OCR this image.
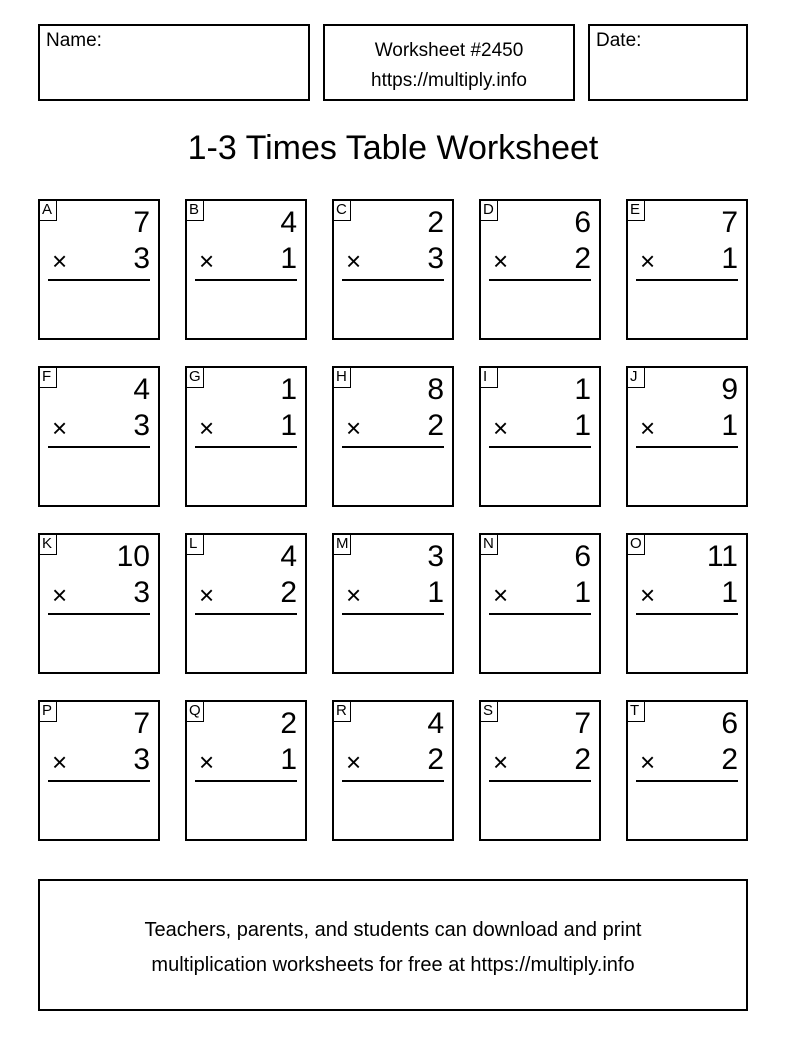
Name:	Worksheet #2450
https://multiply.info
Date:
1-3 Times Table Worksheet
A	7
× 3
B	4
× 1
C	2
× 3
D	6
× 2
E	7
× 1
F	4
× 3
G	1
× 1
H	8
× 2
I	1
× 1
J	9
× 1
K 10
× 3
L	4
× 2
M	3
× 1
N	6
× 1
O 11
× 1
P	7
× 3
Q	2
× 1
R	4
× 2
S	7
× 2
T	6
× 2
Teachers, parents, and students can download and print
multiplication worksheets for free at https://multiply.info
